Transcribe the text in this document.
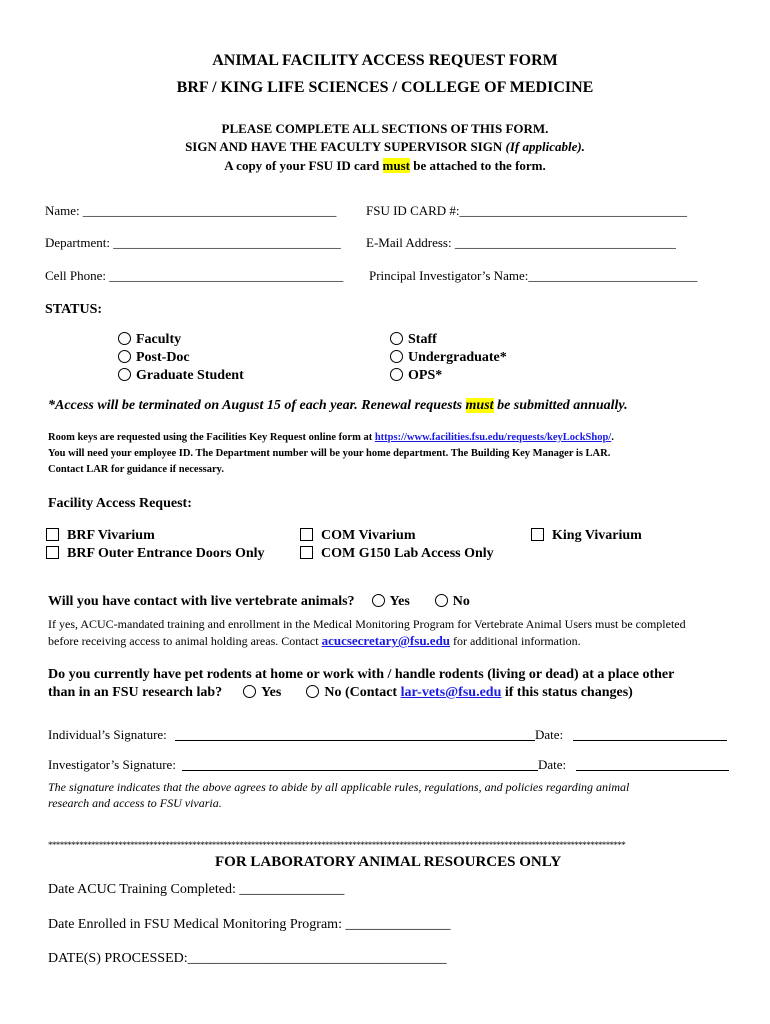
ANIMAL FACILITY ACCESS REQUEST FORM
BRF / KING LIFE SCIENCES / COLLEGE OF MEDICINE
PLEASE COMPLETE ALL SECTIONS OF THIS FORM.
SIGN AND HAVE THE FACULTY SUPERVISOR SIGN (If applicable).
A copy of your FSU ID card must be attached to the form.
Name: _______________________________________ FSU ID CARD #:___________________________________
Department: ___________________________________ E-Mail Address: __________________________________
Cell Phone: ____________________________________ Principal Investigator’s Name:__________________________
STATUS:
Faculty
Post-Doc
Graduate Student
Staff
Undergraduate*
OPS*
*Access will be terminated on August 15 of each year. Renewal requests must be submitted annually.
Room keys are requested using the Facilities Key Request online form at https://www.facilities.fsu.edu/requests/keyLockShop/.
You will need your employee ID. The Department number will be your home department. The Building Key Manager is LAR.
Contact LAR for guidance if necessary.
Facility Access Request:
BRF Vivarium
BRF Outer Entrance Doors Only
COM Vivarium
COM G150 Lab Access Only
King Vivarium
Will you have contact with live vertebrate animals?	Yes	No
If yes, ACUC-mandated training and enrollment in the Medical Monitoring Program for Vertebrate Animal Users must be completed
before receiving access to animal holding areas. Contact acucsecretary@fsu.edu for additional information.
Do you currently have pet rodents at home or work with / handle rodents (living or dead) at a place other
than in an FSU research lab?	Yes	No (Contact lar-vets@fsu.edu if this status changes)
Individual’s Signature:	Date:
Investigator’s Signature:	Date:
The signature indicates that the above agrees to abide by all applicable rules, regulations, and policies regarding animal
research and access to FSU vivaria.
****************************************************************************************************************************************************
FOR LABORATORY ANIMAL RESOURCES ONLY
Date ACUC Training Completed: _______________
Date Enrolled in FSU Medical Monitoring Program: _______________
DATE(S) PROCESSED:_____________________________________
